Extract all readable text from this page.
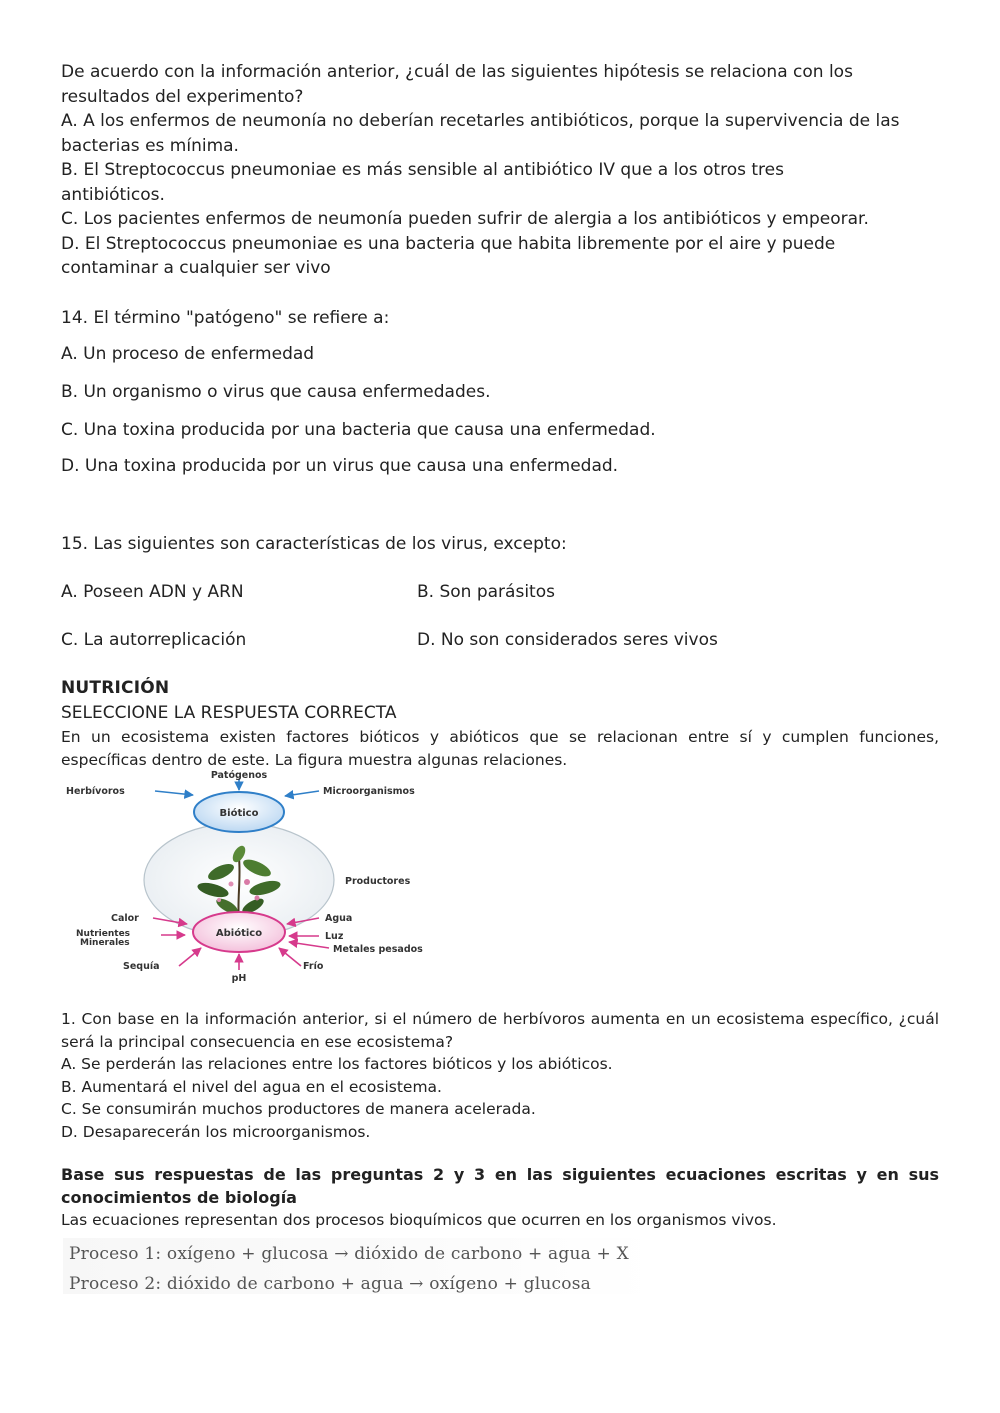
De acuerdo con la información anterior, ¿cuál de las siguientes hipótesis se relaciona con los resultados del experimento?

A. A los enfermos de neumonía no deberían recetarles antibióticos, porque la supervivencia de las bacterias es mínima.

B. El Streptococcus pneumoniae es más sensible al antibiótico IV que a los otros tres antibióticos.

C. Los pacientes enfermos de neumonía pueden sufrir de alergia a los antibióticos y empeorar.

D. El Streptococcus pneumoniae es una bacteria que habita libremente por el aire y puede contaminar a cualquier ser vivo

14. El término "patógeno" se refiere a:

A. Un proceso de enfermedad

B. Un organismo o virus que causa enfermedades.

C. Una toxina producida por una bacteria que causa una enfermedad.

D. Una toxina producida por un virus que causa una enfermedad.

15. Las siguientes son características de los virus, excepto:

A. Poseen ADN y ARN	B. Son parásitos
C. La autorreplicación	D. No son considerados seres vivos
NUTRICIÓN

SELECCIONE LA RESPUESTA CORRECTA

En un ecosistema existen factores bióticos y abióticos que se relacionan entre sí y cumplen funciones, específicas dentro de este. La figura muestra algunas relaciones.

Biótico
Abiótico
Patógenos
Herbívoros	Microorganismos
Productores
Calor	Agua
Nutrientes
Minerales
Luz
Metales pesados
Sequía	Frío
pH

1. Con base en la información anterior, si el número de herbívoros aumenta en un ecosistema específico, ¿cuál será la principal consecuencia en ese ecosistema?

A. Se perderán las relaciones entre los factores bióticos y los abióticos.

B. Aumentará el nivel del agua en el ecosistema.

C. Se consumirán muchos productores de manera acelerada.

D. Desaparecerán los microorganismos.

Base sus respuestas de las preguntas 2 y 3 en las siguientes ecuaciones escritas y en sus conocimientos de biología

Las ecuaciones representan dos procesos bioquímicos que ocurren en los organismos vivos.

Proceso 1: oxígeno + glucosa → dióxido de carbono + agua + X
Proceso 2: dióxido de carbono + agua → oxígeno + glucosa
